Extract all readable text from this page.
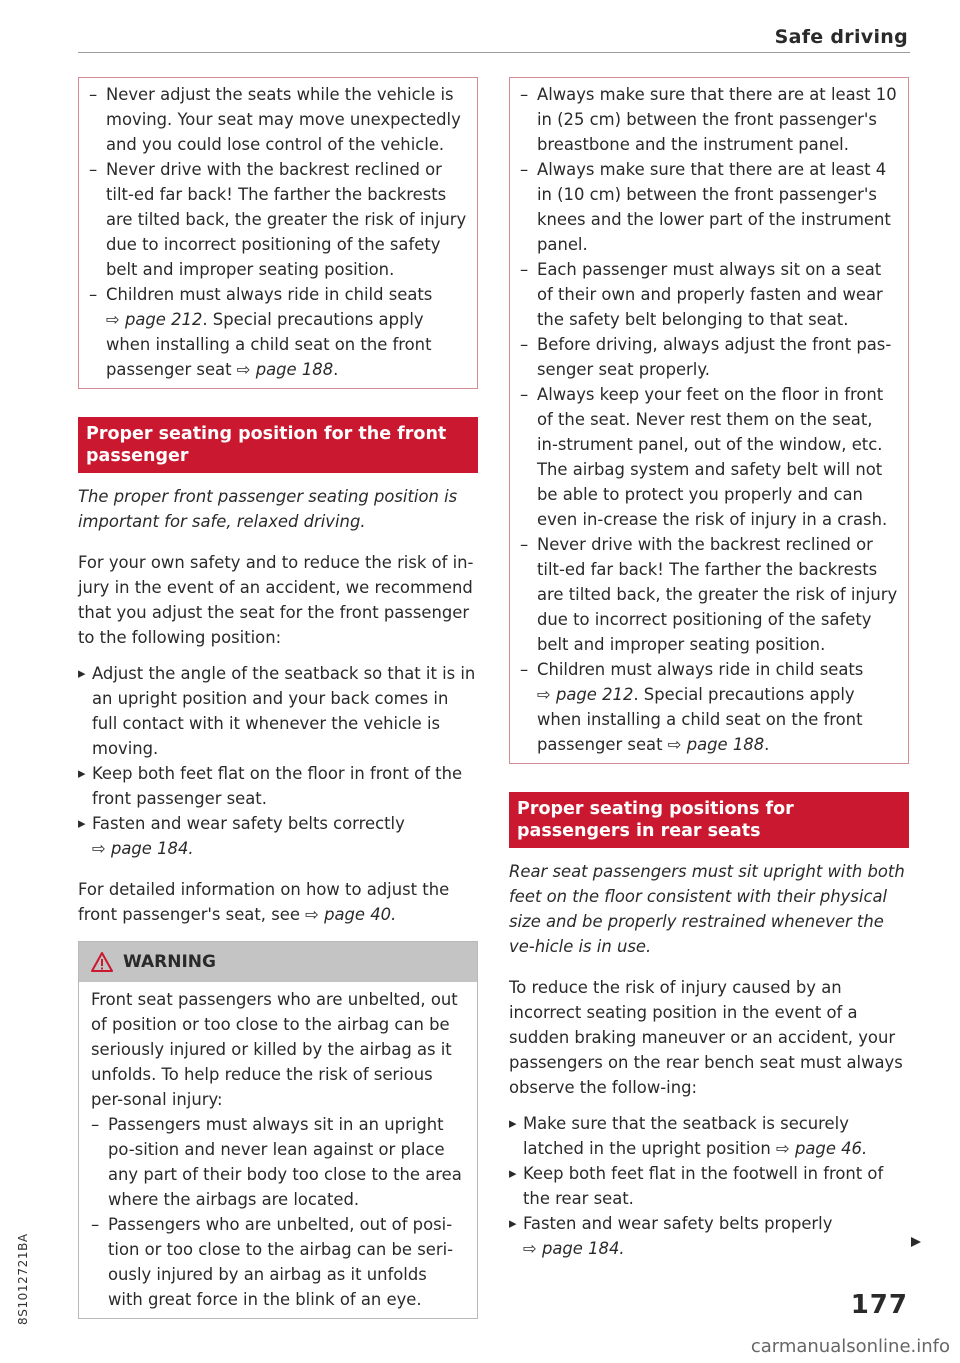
Safe driving
– Never adjust the seats while the vehicle is moving. Your seat may move unexpectedly and you could lose control of the vehicle.
– Never drive with the backrest reclined or tilt-ed far back! The farther the backrests are tilted back, the greater the risk of injury due to incorrect positioning of the safety belt and improper seating position.
– Children must always ride in child seats
⇨ page 212. Special precautions apply when installing a child seat on the front passenger seat ⇨ page 188.
Proper seating position for the front passenger
The proper front passenger seating position is important for safe, relaxed driving.
For your own safety and to reduce the risk of in-jury in the event of an accident, we recommend that you adjust the seat for the front passenger to the following position:
▸ Adjust the angle of the seatback so that it is in an upright position and your back comes in full contact with it whenever the vehicle is moving.
▸ Keep both feet flat on the floor in front of the front passenger seat.
▸ Fasten and wear safety belts correctly
⇨ page 184.
For detailed information on how to adjust the front passenger's seat, see ⇨ page 40.
WARNING
Front seat passengers who are unbelted, out of position or too close to the airbag can be seriously injured or killed by the airbag as it unfolds. To help reduce the risk of serious per-sonal injury:
– Passengers must always sit in an upright po-sition and never lean against or place any part of their body too close to the area where the airbags are located.
– Passengers who are unbelted, out of posi-tion or too close to the airbag can be seri-ously injured by an airbag as it unfolds with great force in the blink of an eye.
– Always make sure that there are at least 10 in (25 cm) between the front passenger's breastbone and the instrument panel.
– Always make sure that there are at least 4 in (10 cm) between the front passenger's knees and the lower part of the instrument panel.
– Each passenger must always sit on a seat of their own and properly fasten and wear the safety belt belonging to that seat.
– Before driving, always adjust the front pas-senger seat properly.
– Always keep your feet on the floor in front of the seat. Never rest them on the seat, in-strument panel, out of the window, etc. The airbag system and safety belt will not be able to protect you properly and can even in-crease the risk of injury in a crash.
– Never drive with the backrest reclined or tilt-ed far back! The farther the backrests are tilted back, the greater the risk of injury due to incorrect positioning of the safety belt and improper seating position.
– Children must always ride in child seats
⇨ page 212. Special precautions apply when installing a child seat on the front passenger seat ⇨ page 188.
Proper seating positions for passengers in rear seats
Rear seat passengers must sit upright with both feet on the floor consistent with their physical size and be properly restrained whenever the ve-hicle is in use.
To reduce the risk of injury caused by an incorrect seating position in the event of a sudden braking maneuver or an accident, your passengers on the rear bench seat must always observe the follow-ing:
▸ Make sure that the seatback is securely latched in the upright position ⇨ page 46.
▸ Keep both feet flat in the footwell in front of the rear seat.
▸ Fasten and wear safety belts properly
⇨ page 184.
8S1012721BA	177
carmanualsonline.info
